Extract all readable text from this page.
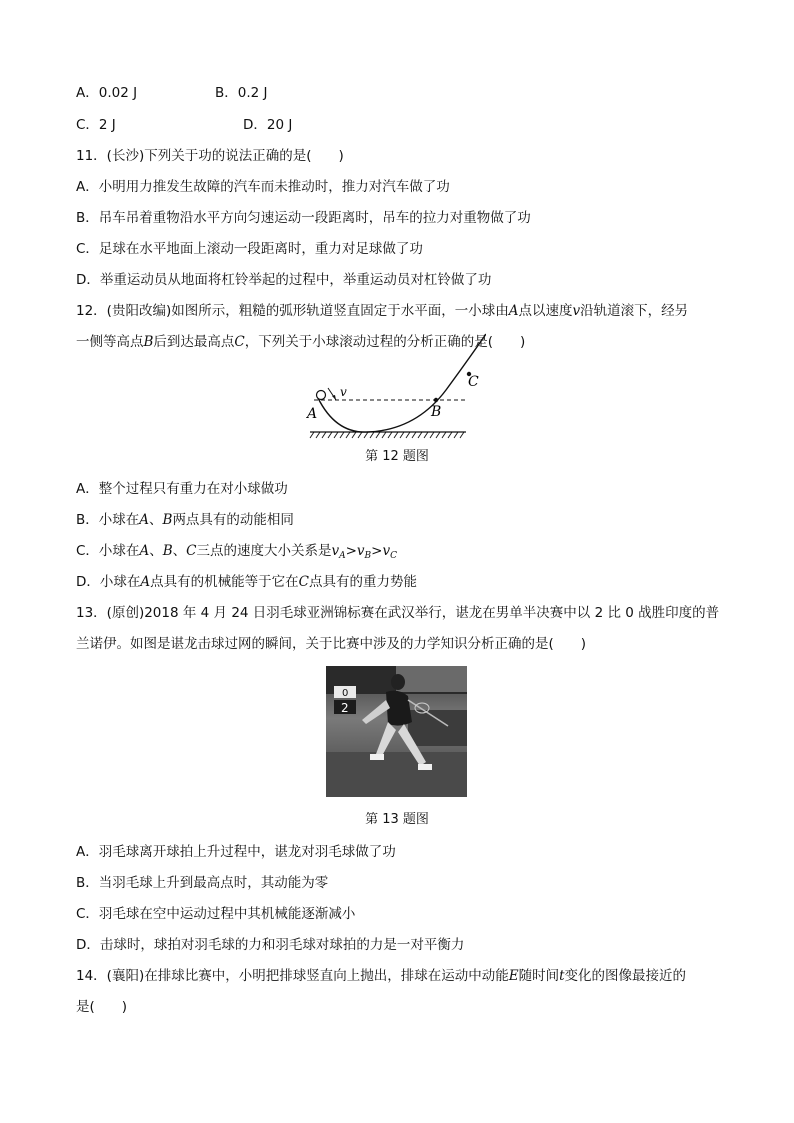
A．0.02 J	B．0.2 J
C．2 J	D．20 J
11．(长沙)下列关于功的说法正确的是(　　)
A．小明用力推发生故障的汽车而未推动时，推力对汽车做了功
B．吊车吊着重物沿水平方向匀速运动一段距离时，吊车的拉力对重物做了功
C．足球在水平地面上滚动一段距离时，重力对足球做了功
D．举重运动员从地面将杠铃举起的过程中，举重运动员对杠铃做了功
12．(贵阳改编)如图所示，粗糙的弧形轨道竖直固定于水平面，一小球由A点以速度v沿轨道滚下，经另
一侧等高点B后到达最高点C，下列关于小球滚动过程的分析正确的是(　　)
A
v
B
C
第 12 题图
A．整个过程只有重力在对小球做功
B．小球在A、B两点具有的动能相同
C．小球在A、B、C三点的速度大小关系是$v_A>v_B>v_C$
D．小球在A点具有的机械能等于它在C点具有的重力势能
13．(原创)2018 年 4 月 24 日羽毛球亚洲锦标赛在武汉举行，谌龙在男单半决赛中以 2 比 0 战胜印度的普
兰诺伊。如图是谌龙击球过网的瞬间，关于比赛中涉及的力学知识分析正确的是(　　)
0
2
第 13 题图
A．羽毛球离开球拍上升过程中，谌龙对羽毛球做了功
B．当羽毛球上升到最高点时，其动能为零
C．羽毛球在空中运动过程中其机械能逐渐减小
D．击球时，球拍对羽毛球的力和羽毛球对球拍的力是一对平衡力
14．(襄阳)在排球比赛中，小明把排球竖直向上抛出，排球在运动中动能E随时间t变化的图像最接近的
是(　　)
